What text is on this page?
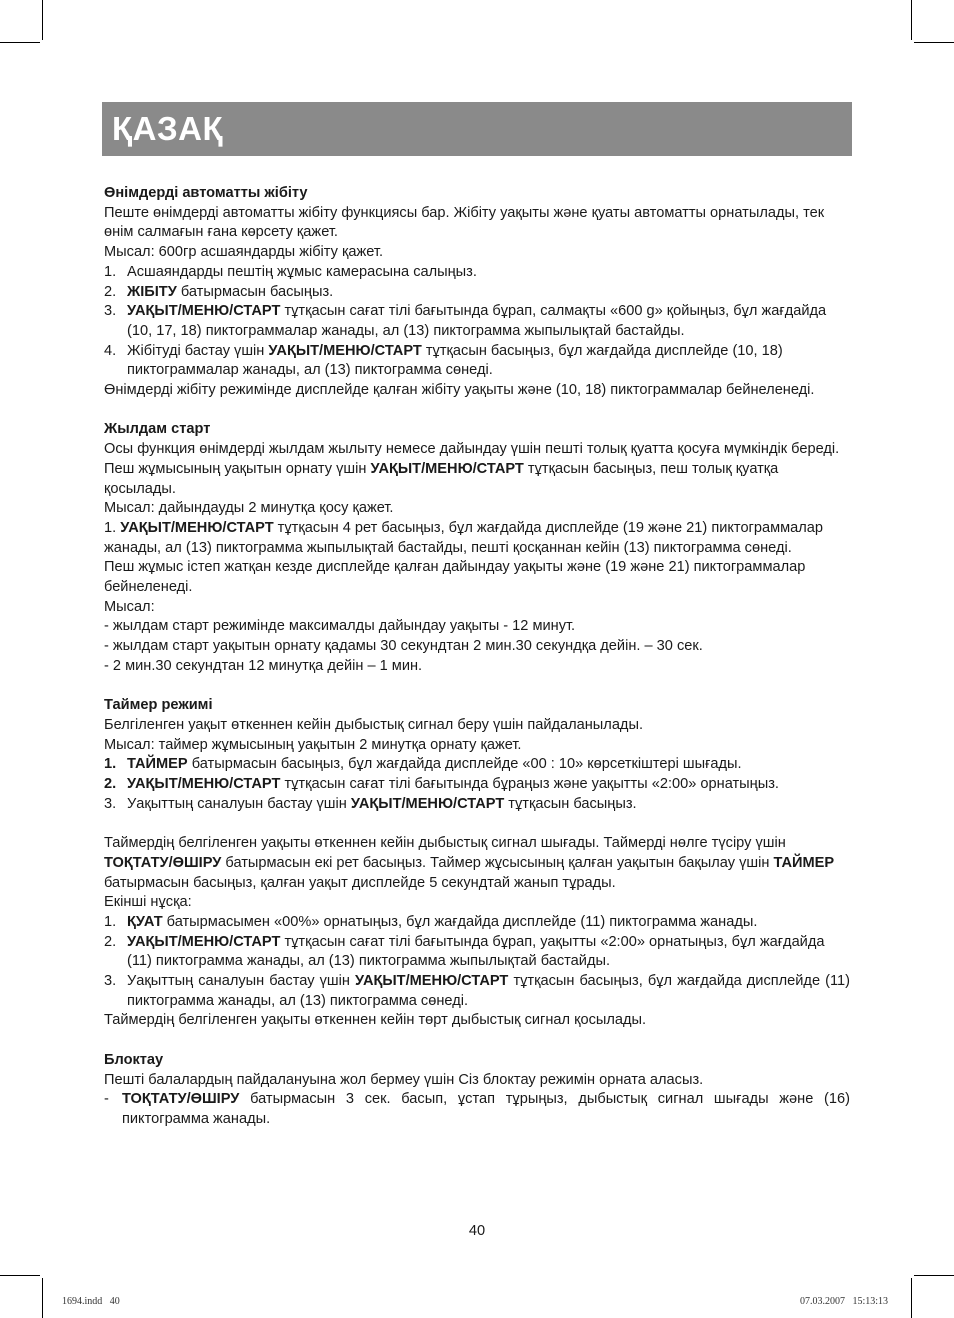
ҚАЗАҚ

Өнімдерді автоматты жібіту

Пеште өнімдерді автоматты жібіту функциясы бар. Жібіту уақыты және қуаты автоматты орнатылады, тек өнім салмағын ғана көрсету қажет.

Мысал: 600гр асшаяндарды жібіту қажет.

1. Асшаяндарды пештің жұмыс камерасына салыңыз.
2. ЖІБІТУ батырмасын басыңыз.
3. УАҚЫТ/МЕНЮ/СТАРТ тұтқасын сағат тілі бағытында бұрап, салмақты «600 g» қойыңыз, бұл жағдайда (10, 17, 18) пиктограммалар жанады, ал (13) пиктограмма жыпылықтай бастайды.
4. Жібітуді бастау үшін УАҚЫТ/МЕНЮ/СТАРТ тұтқасын басыңыз, бұл жағдайда дисплейде (10, 18) пиктограммалар жанады, ал (13) пиктограмма сөнеді.

Өнімдерді жібіту режимінде дисплейде қалған жібіту уақыты және (10, 18) пиктограммалар бейнеленеді.

Жылдам старт

Осы функция өнімдерді жылдам жылыту немесе дайындау үшін пешті толық қуатта қосуға мүмкіндік береді. Пеш жұмысының уақытын орнату үшін УАҚЫТ/МЕНЮ/СТАРТ тұтқасын басыңыз, пеш толық қуатқа қосылады.

Мысал: дайындауды 2 минутқа қосу қажет.

1. УАҚЫТ/МЕНЮ/СТАРТ тұтқасын 4 рет басыңыз, бұл жағдайда дисплейде (19 және 21) пиктограммалар жанады, ал (13) пиктограмма жыпылықтай бастайды, пешті қосқаннан кейін (13) пиктограмма сөнеді.

Пеш жұмыс істеп жатқан кезде дисплейде қалған дайындау уақыты және (19 және 21) пиктограммалар бейнеленеді.

Мысал:

- жылдам старт режимінде максималды дайындау уақыты - 12 минут.

- жылдам старт уақытын орнату қадамы 30 секундтан 2 мин.30 секундқа дейін. – 30 сек.

- 2 мин.30 секундтан 12 минутқа дейін – 1 мин.

Таймер режимі

Белгіленген уақыт өткеннен кейін дыбыстық сигнал беру үшін пайдаланылады.

Мысал: таймер жұмысының уақытын 2 минутқа орнату қажет.

1. ТАЙМЕР батырмасын басыңыз, бұл жағдайда дисплейде «00 : 10» көрсеткіштері шығады.
2. УАҚЫТ/МЕНЮ/СТАРТ тұтқасын сағат тілі бағытында бұраңыз және уақытты «2:00» орнатыңыз.
3. Уақыттың саналуын бастау үшін УАҚЫТ/МЕНЮ/СТАРТ тұтқасын басыңыз.

Таймердің белгіленген уақыты өткеннен кейін дыбыстық сигнал шығады. Таймерді нөлге түсіру үшін ТОҚТАТУ/ӨШІРУ батырмасын екі рет басыңыз. Таймер жұсысының қалған уақытын бақылау үшін ТАЙМЕР батырмасын басыңыз, қалған уақыт дисплейде 5 секундтай жанып тұрады.

Екінші нұсқа:

1. ҚУАТ батырмасымен «00%» орнатыңыз, бұл жағдайда дисплейде (11) пиктограмма жанады.
2. УАҚЫТ/МЕНЮ/СТАРТ тұтқасын сағат тілі бағытында бұрап, уақытты «2:00» орнатыңыз, бұл жағдайда (11) пиктограмма жанады, ал (13) пиктограмма жыпылықтай бастайды.
3. Уақыттың саналуын бастау үшін УАҚЫТ/МЕНЮ/СТАРТ тұтқасын басыңыз, бұл жағдайда дисплейде (11) пиктограмма жанады, ал (13) пиктограмма сөнеді.

Таймердің белгіленген уақыты өткеннен кейін төрт дыбыстық сигнал қосылады.

Блоктау

Пешті балалардың пайдалануына жол бермеу үшін Сіз блоктау режимін орната аласыз.

- ТОҚТАТУ/ӨШІРУ батырмасын 3 сек. басып, ұстап тұрыңыз, дыбыстық сигнал шығады және (16) пиктограмма жанады.
40
1694.indd   40	07.03.2007   15:13:13
